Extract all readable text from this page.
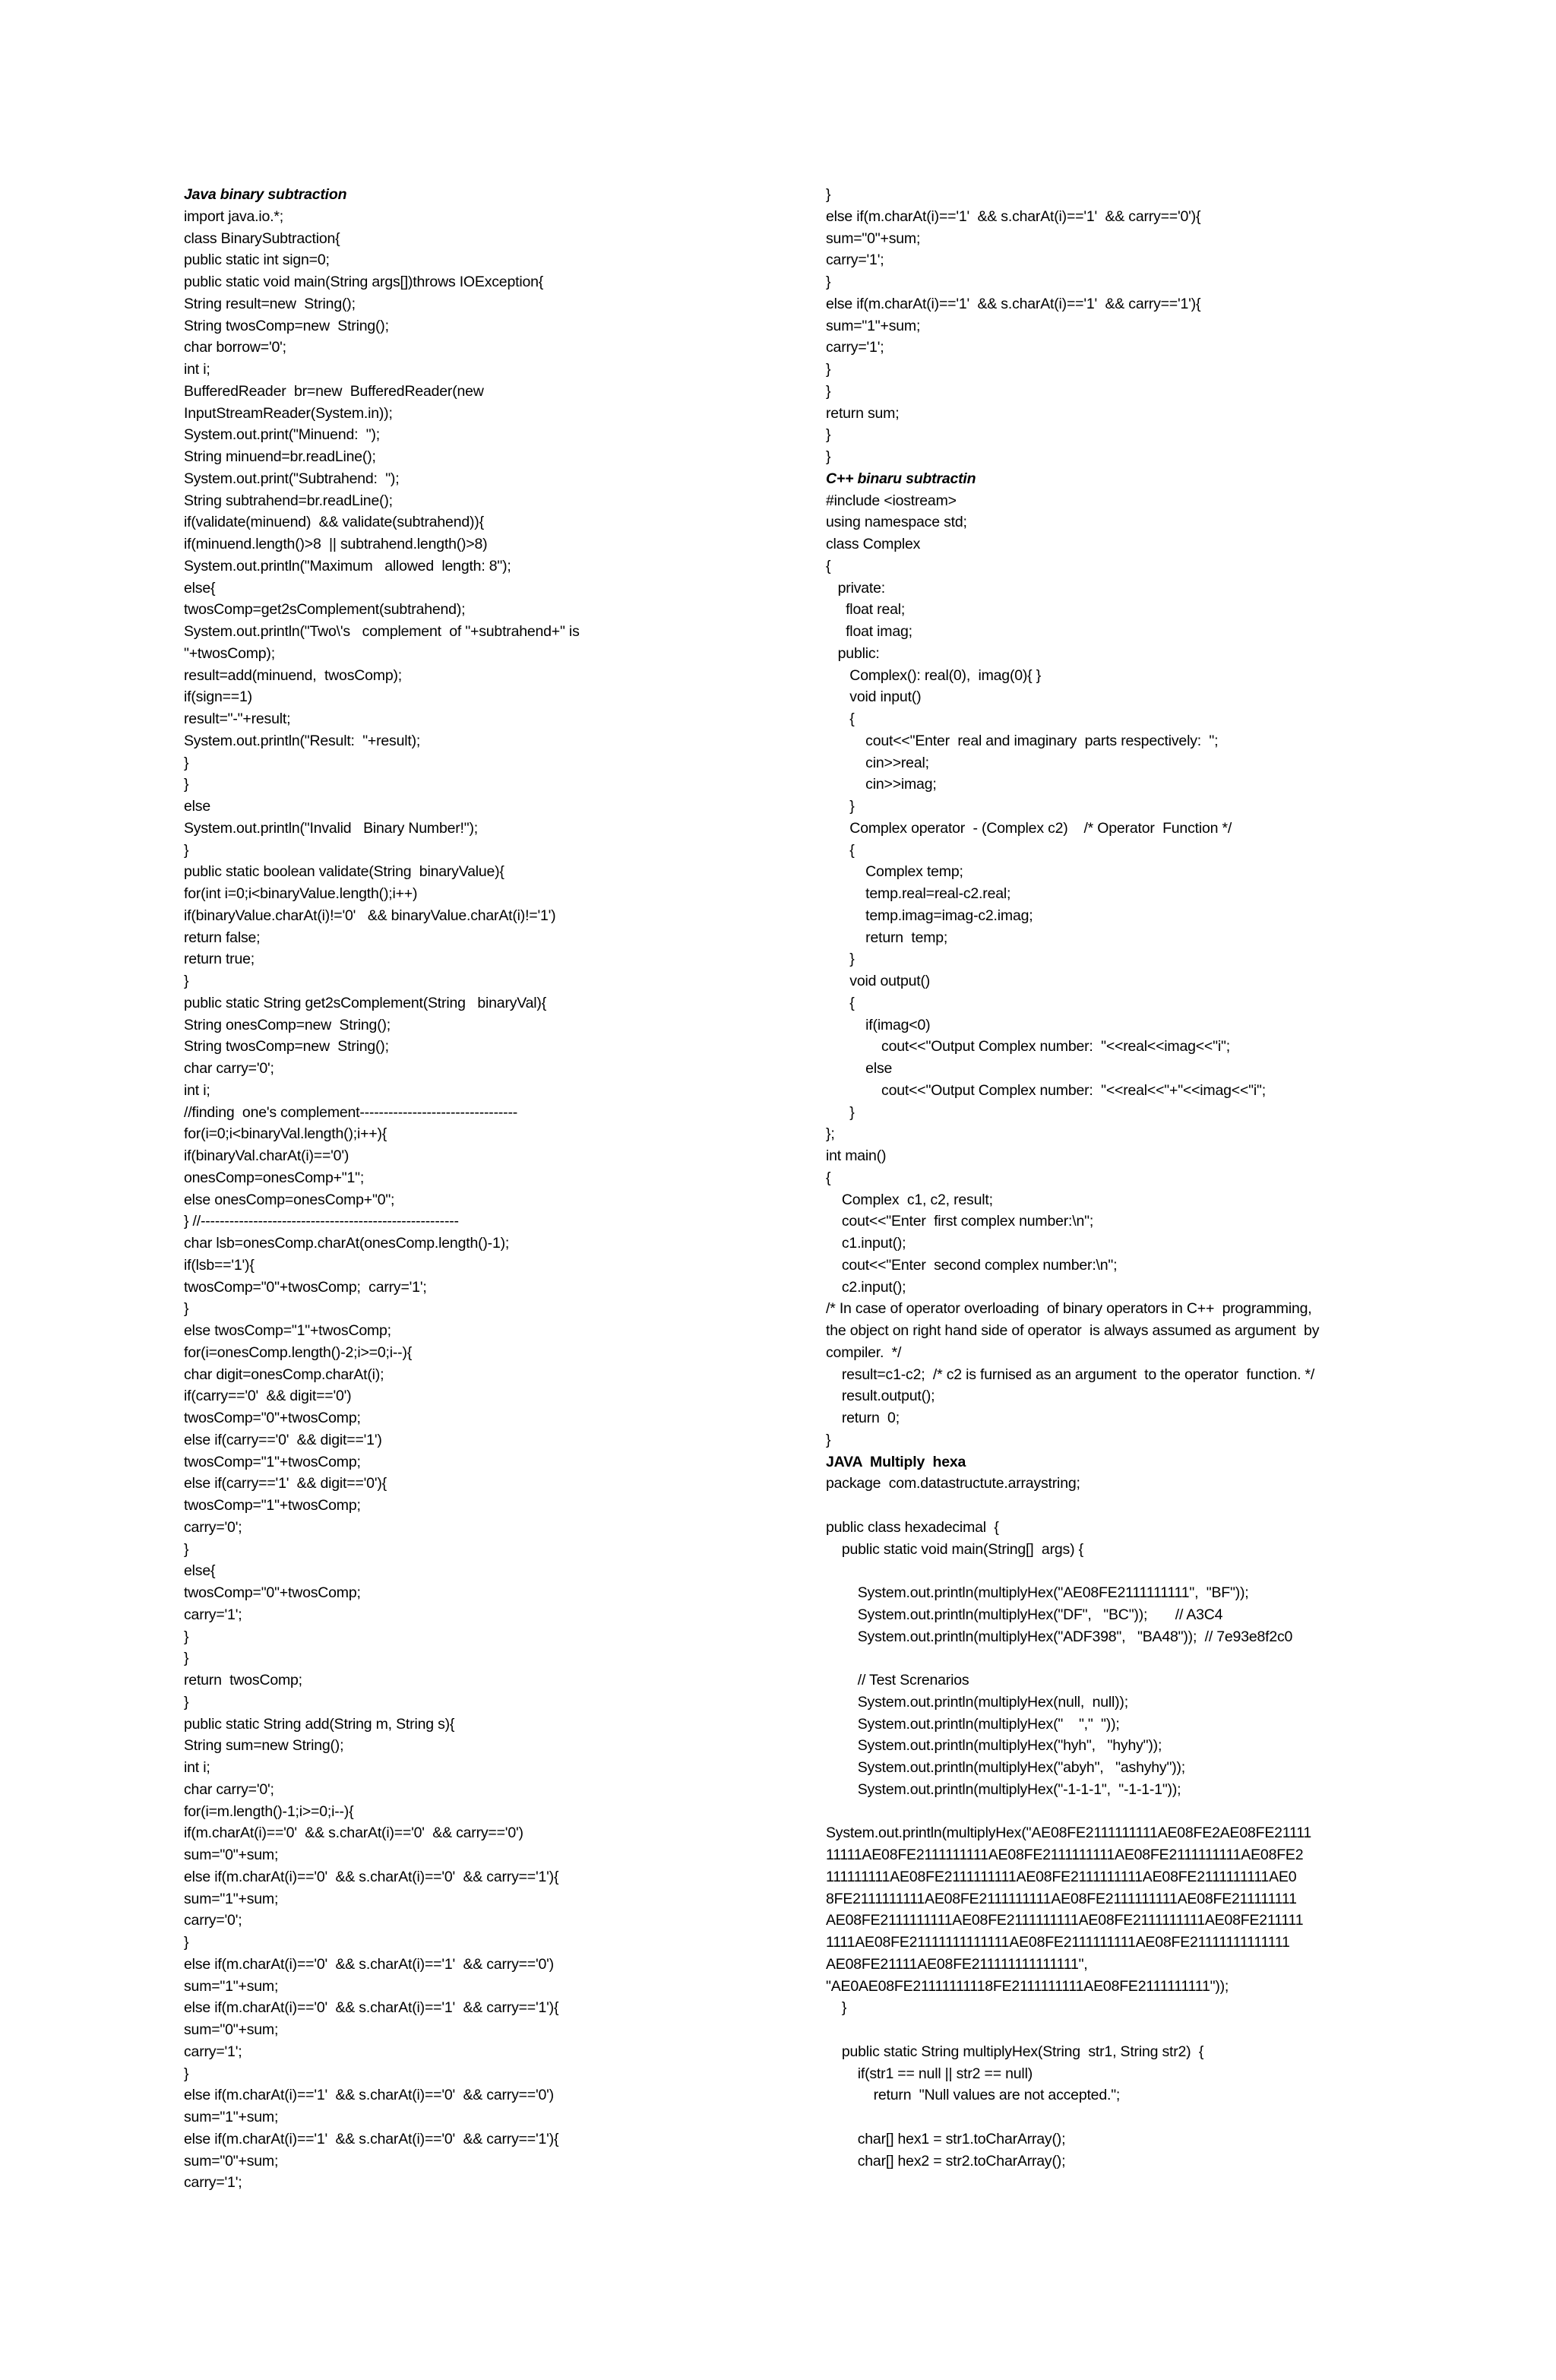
Java binary subtraction
import java.io.*;
class BinarySubtraction{
public static int sign=0;
public static void main(String args[])throws IOException{
String result=new  String();
String twosComp=new  String();
char borrow='0';
int i;
BufferedReader  br=new  BufferedReader(new
InputStreamReader(System.in));
System.out.print("Minuend:  ");
String minuend=br.readLine();
System.out.print("Subtrahend:  ");
String subtrahend=br.readLine();
if(validate(minuend)  && validate(subtrahend)){
if(minuend.length()>8  || subtrahend.length()>8)
System.out.println("Maximum   allowed  length: 8");
else{
twosComp=get2sComplement(subtrahend);
System.out.println("Two\'s   complement  of "+subtrahend+" is
"+twosComp);
result=add(minuend,  twosComp);
if(sign==1)
result="-"+result;
System.out.println("Result:  "+result);
}
}
else
System.out.println("Invalid   Binary Number!");
}
public static boolean validate(String  binaryValue){
for(int i=0;i<binaryValue.length();i++)
if(binaryValue.charAt(i)!='0'   && binaryValue.charAt(i)!='1')
return false;
return true;
}
public static String get2sComplement(String   binaryVal){
String onesComp=new  String();
String twosComp=new  String();
char carry='0';
int i;
//finding  one's complement---------------------------------
for(i=0;i<binaryVal.length();i++){
if(binaryVal.charAt(i)=='0')
onesComp=onesComp+"1";
else onesComp=onesComp+"0";
} //------------------------------------------------------
char lsb=onesComp.charAt(onesComp.length()-1);
if(lsb=='1'){
twosComp="0"+twosComp;  carry='1';
}
else twosComp="1"+twosComp;
for(i=onesComp.length()-2;i>=0;i--){
char digit=onesComp.charAt(i);
if(carry=='0'  && digit=='0')
twosComp="0"+twosComp;
else if(carry=='0'  && digit=='1')
twosComp="1"+twosComp;
else if(carry=='1'  && digit=='0'){
twosComp="1"+twosComp;
carry='0';
}
else{
twosComp="0"+twosComp;
carry='1';
}
}
return  twosComp;
}
public static String add(String m, String s){
String sum=new String();
int i;
char carry='0';
for(i=m.length()-1;i>=0;i--){
if(m.charAt(i)=='0'  && s.charAt(i)=='0'  && carry=='0')
sum="0"+sum;
else if(m.charAt(i)=='0'  && s.charAt(i)=='0'  && carry=='1'){
sum="1"+sum;
carry='0';
}
else if(m.charAt(i)=='0'  && s.charAt(i)=='1'  && carry=='0')
sum="1"+sum;
else if(m.charAt(i)=='0'  && s.charAt(i)=='1'  && carry=='1'){
sum="0"+sum;
carry='1';
}
else if(m.charAt(i)=='1'  && s.charAt(i)=='0'  && carry=='0')
sum="1"+sum;
else if(m.charAt(i)=='1'  && s.charAt(i)=='0'  && carry=='1'){
sum="0"+sum;
carry='1';
}
else if(m.charAt(i)=='1'  && s.charAt(i)=='1'  && carry=='0'){
sum="0"+sum;
carry='1';
}
else if(m.charAt(i)=='1'  && s.charAt(i)=='1'  && carry=='1'){
sum="1"+sum;
carry='1';
}
}
return sum;
}
}
C++ binaru subtractin
#include <iostream>
using namespace std;
class Complex
{
private:
float real;
float imag;
public:
Complex(): real(0),  imag(0){ }
void input()
{
cout<<"Enter  real and imaginary  parts respectively:  ";
cin>>real;
cin>>imag;
}
Complex operator  - (Complex c2)    /* Operator  Function */
{
Complex temp;
temp.real=real-c2.real;
temp.imag=imag-c2.imag;
return  temp;
}
void output()
{
if(imag<0)
cout<<"Output Complex number:  "<<real<<imag<<"i";
else
cout<<"Output Complex number:  "<<real<<"+"<<imag<<"i";
}
};
int main()
{
Complex  c1, c2, result;
cout<<"Enter  first complex number:\n";
c1.input();
cout<<"Enter  second complex number:\n";
c2.input();
/* In case of operator overloading  of binary operators in C++  programming,
the object on right hand side of operator  is always assumed as argument  by
compiler.  */
result=c1-c2;  /* c2 is furnised as an argument  to the operator  function. */
result.output();
return  0;
}
JAVA  Multiply  hexa
package  com.datastructute.arraystring;
public class hexadecimal  {
public static void main(String[]  args) {
System.out.println(multiplyHex("AE08FE2111111111",  "BF"));
System.out.println(multiplyHex("DF",   "BC"));       // A3C4
System.out.println(multiplyHex("ADF398",   "BA48"));  // 7e93e8f2c0
// Test Screnarios
System.out.println(multiplyHex(null,  null));
System.out.println(multiplyHex("    ","  "));
System.out.println(multiplyHex("hyh",   "hyhy"));
System.out.println(multiplyHex("abyh",   "ashyhy"));
System.out.println(multiplyHex("-1-1-1",  "-1-1-1"));
System.out.println(multiplyHex("AE08FE2111111111AE08FE2AE08FE21111
11111AE08FE2111111111AE08FE2111111111AE08FE2111111111AE08FE2
111111111AE08FE2111111111AE08FE2111111111AE08FE2111111111AE0
8FE2111111111AE08FE2111111111AE08FE2111111111AE08FE211111111
AE08FE2111111111AE08FE2111111111AE08FE2111111111AE08FE211111
1111AE08FE21111111111111AE08FE2111111111AE08FE21111111111111
AE08FE21111AE08FE211111111111111",
"AE0AE08FE21111111118FE2111111111AE08FE2111111111"));
}
public static String multiplyHex(String  str1, String str2)  {
if(str1 == null || str2 == null)
return  "Null values are not accepted.";
char[] hex1 = str1.toCharArray();
char[] hex2 = str2.toCharArray();
